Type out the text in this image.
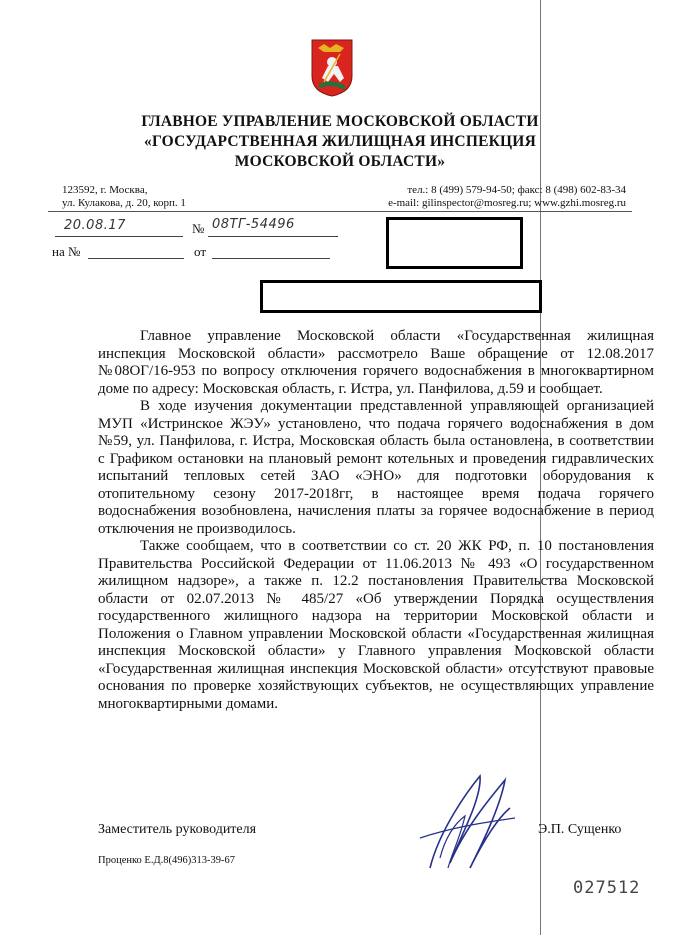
ГЛАВНОЕ УПРАВЛЕНИЕ МОСКОВСКОЙ ОБЛАСТИ
«ГОСУДАРСТВЕННАЯ ЖИЛИЩНАЯ ИНСПЕКЦИЯ
МОСКОВСКОЙ ОБЛАСТИ»
123592, г. Москва,
ул. Кулакова, д. 20, корп. 1
тел.: 8 (499) 579-94-50; факс: 8 (498) 602-83-34
e-mail: gilinspector@mosreg.ru; www.gzhi.mosreg.ru
20.08.17	№ 08ТГ-54496
на №	от

Главное управление Московской области «Государственная жилищная инспекция Московской области» рассмотрело Ваше обращение от 12.08.2017 №08ОГ/16-953 по вопросу отключения горячего водоснабжения в многоквартирном доме по адресу: Московская область, г. Истра, ул. Панфилова, д.59 и сообщает.

В ходе изучения документации представленной управляющей организацией МУП «Истринское ЖЭУ» установлено, что подача горячего водоснабжения в дом №59, ул. Панфилова, г. Истра, Московская область была остановлена, в соответствии с Графиком остановки на плановый ремонт котельных и проведения гидравлических испытаний тепловых сетей ЗАО «ЭНО» для подготовки оборудования к отопительному сезону 2017-2018гг, в настоящее время подача горячего водоснабжения возобновлена, начисления платы за горячее водоснабжение в период отключения не производилось.

Также сообщаем, что в соответствии со ст. 20 ЖК РФ, п. 10 постановления Правительства Российской Федерации от 11.06.2013 № 493 «О государственном жилищном надзоре», а также п. 12.2 постановления Правительства Московской области от 02.07.2013 № 485/27 «Об утверждении Порядка осуществления государственного жилищного надзора на территории Московской области и Положения о Главном управлении Московской области «Государственная жилищная инспекция Московской области» у Главного управления Московской области «Государственная жилищная инспекция Московской области» отсутствуют правовые основания по проверке хозяйствующих субъектов, не осуществляющих управление многоквартирными домами.

Заместитель руководителя	Э.П. Сущенко
Проценко Е.Д.8(496)313-39-67
027512
